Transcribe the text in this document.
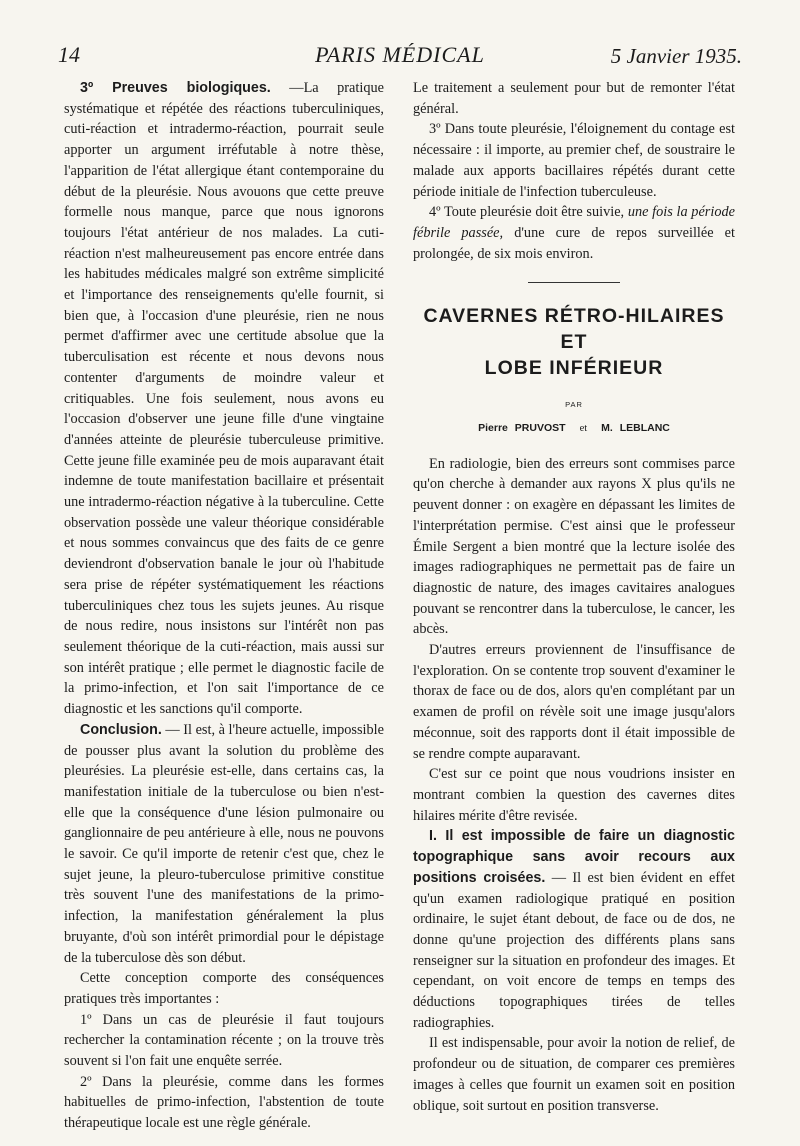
14	PARIS MÉDICAL	5 Janvier 1935.

3º Preuves biologiques. —La pratique systématique et répétée des réactions tuberculiniques, cuti-réaction et intradermo-réaction, pourrait seule apporter un argument irréfutable à notre thèse, l'apparition de l'état allergique étant contemporaine du début de la pleurésie. Nous avouons que cette preuve formelle nous manque, parce que nous ignorons toujours l'état antérieur de nos malades. La cuti-réaction n'est malheureusement pas encore entrée dans les habitudes médicales malgré son extrême simplicité et l'importance des renseignements qu'elle fournit, si bien que, à l'occasion d'une pleurésie, rien ne nous permet d'affirmer avec une certitude absolue que la tuberculisation est récente et nous devons nous contenter d'arguments de moindre valeur et critiquables. Une fois seulement, nous avons eu l'occasion d'observer une jeune fille d'une vingtaine d'années atteinte de pleurésie tuberculeuse primitive. Cette jeune fille examinée peu de mois auparavant était indemne de toute manifestation bacillaire et présentait une intradermo-réaction négative à la tuberculine. Cette observation possède une valeur théorique considérable et nous sommes convaincus que des faits de ce genre deviendront d'observation banale le jour où l'habitude sera prise de répéter systématiquement les réactions tuberculiniques chez tous les sujets jeunes. Au risque de nous redire, nous insistons sur l'intérêt non pas seulement théorique de la cuti-réaction, mais aussi sur son intérêt pratique ; elle permet le diagnostic facile de la primo-infection, et l'on sait l'importance de ce diagnostic et les sanctions qu'il comporte.

Conclusion. — Il est, à l'heure actuelle, impossible de pousser plus avant la solution du problème des pleurésies. La pleurésie est-elle, dans certains cas, la manifestation initiale de la tuberculose ou bien n'est-elle que la conséquence d'une lésion pulmonaire ou ganglionnaire de peu antérieure à elle, nous ne pouvons le savoir. Ce qu'il importe de retenir c'est que, chez le sujet jeune, la pleuro-tuberculose primitive constitue très souvent l'une des manifestations de la primo-infection, la manifestation généralement la plus bruyante, d'où son intérêt primordial pour le dépistage de la tuberculose dès son début.

Cette conception comporte des conséquences pratiques très importantes :

1º Dans un cas de pleurésie il faut toujours rechercher la contamination récente ; on la trouve très souvent si l'on fait une enquête serrée.

2º Dans la pleurésie, comme dans les formes habituelles de primo-infection, l'abstention de toute thérapeutique locale est une règle générale.

Le traitement a seulement pour but de remonter l'état général.

3º Dans toute pleurésie, l'éloignement du contage est nécessaire : il importe, au premier chef, de soustraire le malade aux apports bacillaires répétés durant cette période initiale de l'infection tuberculeuse.

4º Toute pleurésie doit être suivie, une fois la période fébrile passée, d'une cure de repos surveillée et prolongée, de six mois environ.

CAVERNES RÉTRO-HILAIRES
ET
LOBE INFÉRIEUR
PAR
Pierre PRUVOST et M. LEBLANC

En radiologie, bien des erreurs sont commises parce qu'on cherche à demander aux rayons X plus qu'ils ne peuvent donner : on exagère en dépassant les limites de l'interprétation permise. C'est ainsi que le professeur Émile Sergent a bien montré que la lecture isolée des images radiographiques ne permettait pas de faire un diagnostic de nature, des images cavitaires analogues pouvant se rencontrer dans la tuberculose, le cancer, les abcès.

D'autres erreurs proviennent de l'insuffisance de l'exploration. On se contente trop souvent d'examiner le thorax de face ou de dos, alors qu'en complétant par un examen de profil on révèle soit une image jusqu'alors méconnue, soit des rapports dont il était impossible de se rendre compte auparavant.

C'est sur ce point que nous voudrions insister en montrant combien la question des cavernes dites hilaires mérite d'être revisée.

I. Il est impossible de faire un diagnostic topographique sans avoir recours aux positions croisées. — Il est bien évident en effet qu'un examen radiologique pratiqué en position ordinaire, le sujet étant debout, de face ou de dos, ne donne qu'une projection des différents plans sans renseigner sur la situation en profondeur des images. Et cependant, on voit encore de temps en temps des déductions topographiques tirées de telles radiographies.

Il est indispensable, pour avoir la notion de relief, de profondeur ou de situation, de comparer ces premières images à celles que fournit un examen soit en position oblique, soit surtout en position transverse.
